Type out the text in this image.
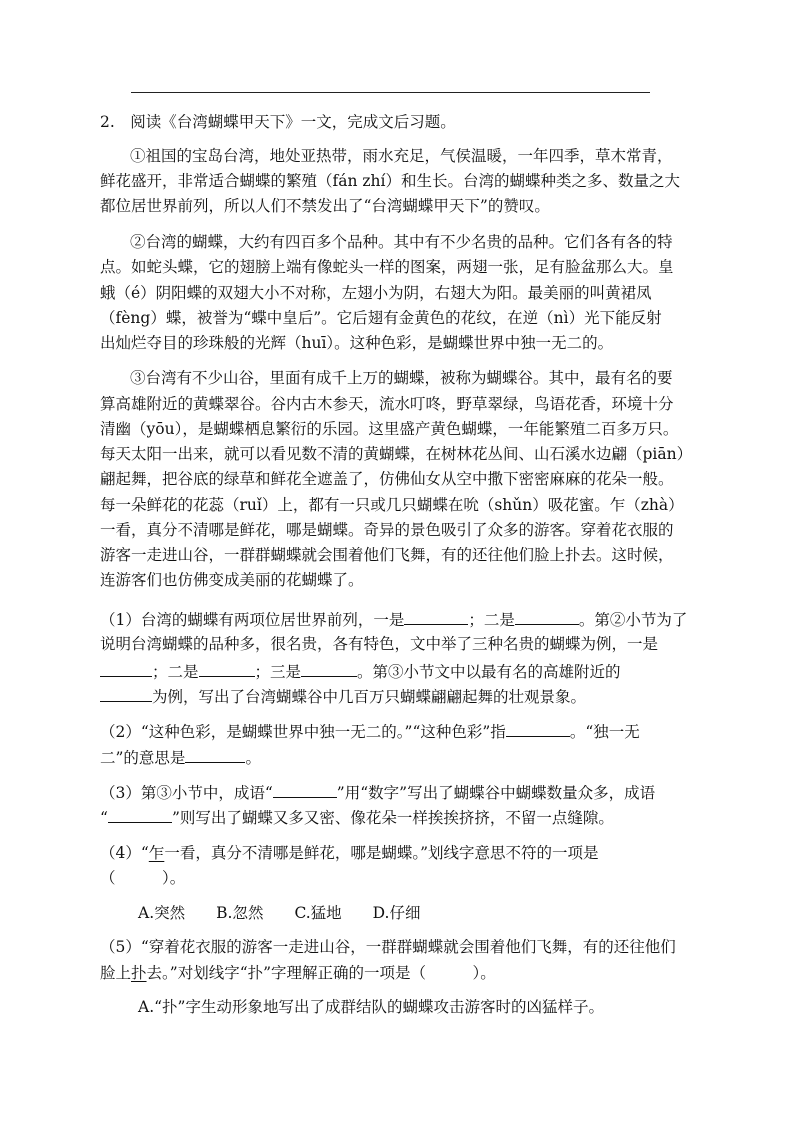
2.　阅读《台湾蝴蝶甲天下》一文，完成文后习题。
①祖国的宝岛台湾，地处亚热带，雨水充足，气侯温暖，一年四季，草木常青，
鲜花盛开，非常适合蝴蝶的繁殖（fán zhí）和生长。台湾的蝴蝶种类之多、数量之大
都位居世界前列，所以人们不禁发出了“台湾蝴蝶甲天下”的赞叹。
②台湾的蝴蝶，大约有四百多个品种。其中有不少名贵的品种。它们各有各的特
点。如蛇头蝶，它的翅膀上端有像蛇头一样的图案，两翅一张，足有脸盆那么大。皇
蛾（é）阴阳蝶的双翅大小不对称，左翅小为阴，右翅大为阳。最美丽的叫黄裙凤
（fèng）蝶，被誉为“蝶中皇后”。它后翅有金黄色的花纹，在逆（nì）光下能反射
出灿烂夺目的珍珠般的光辉（huī）。这种色彩，是蝴蝶世界中独一无二的。
③台湾有不少山谷，里面有成千上万的蝴蝶，被称为蝴蝶谷。其中，最有名的要
算高雄附近的黄蝶翠谷。谷内古木参天，流水叮咚，野草翠绿，鸟语花香，环境十分
清幽（yōu），是蝴蝶栖息繁衍的乐园。这里盛产黄色蝴蝶，一年能繁殖二百多万只。
每天太阳一出来，就可以看见数不清的黄蝴蝶，在树林花丛间、山石溪水边翩（piān）
翩起舞，把谷底的绿草和鲜花全遮盖了，仿佛仙女从空中撒下密密麻麻的花朵一般。
每一朵鲜花的花蕊（ruǐ）上，都有一只或几只蝴蝶在吮（shǔn）吸花蜜。乍（zhà）
一看，真分不清哪是鲜花，哪是蝴蝶。奇异的景色吸引了众多的游客。穿着花衣服的
游客一走进山谷，一群群蝴蝶就会围着他们飞舞，有的还往他们脸上扑去。这时候，
连游客们也仿佛变成美丽的花蝴蝶了。
（1）台湾的蝴蝶有两项位居世界前列，一是	；二是	。第②小节为了
说明台湾蝴蝶的品种多，很名贵，各有特色，文中举了三种名贵的蝴蝶为例，一是
；二是	；三是	。第③小节文中以最有名的高雄附近的
为例，写出了台湾蝴蝶谷中几百万只蝴蝶翩翩起舞的壮观景象。
（2）“这种色彩，是蝴蝶世界中独一无二的。”“这种色彩”指	。“独一无
二”的意思是	。
（3）第③小节中，成语“	”用“数字”写出了蝴蝶谷中蝴蝶数量众多，成语
“	”则写出了蝴蝶又多又密、像花朵一样挨挨挤挤，不留一点缝隙。
（4）“乍一看，真分不清哪是鲜花，哪是蝴蝶。”划线字意思不符的一项是
（　　　）。
A.突然　　B.忽然　　C.猛地　　D.仔细
（5）“穿着花衣服的游客一走进山谷，一群群蝴蝶就会围着他们飞舞，有的还往他们
脸上扑去。”对划线字“扑”字理解正确的一项是（　　　）。
A.“扑”字生动形象地写出了成群结队的蝴蝶攻击游客时的凶猛样子。
